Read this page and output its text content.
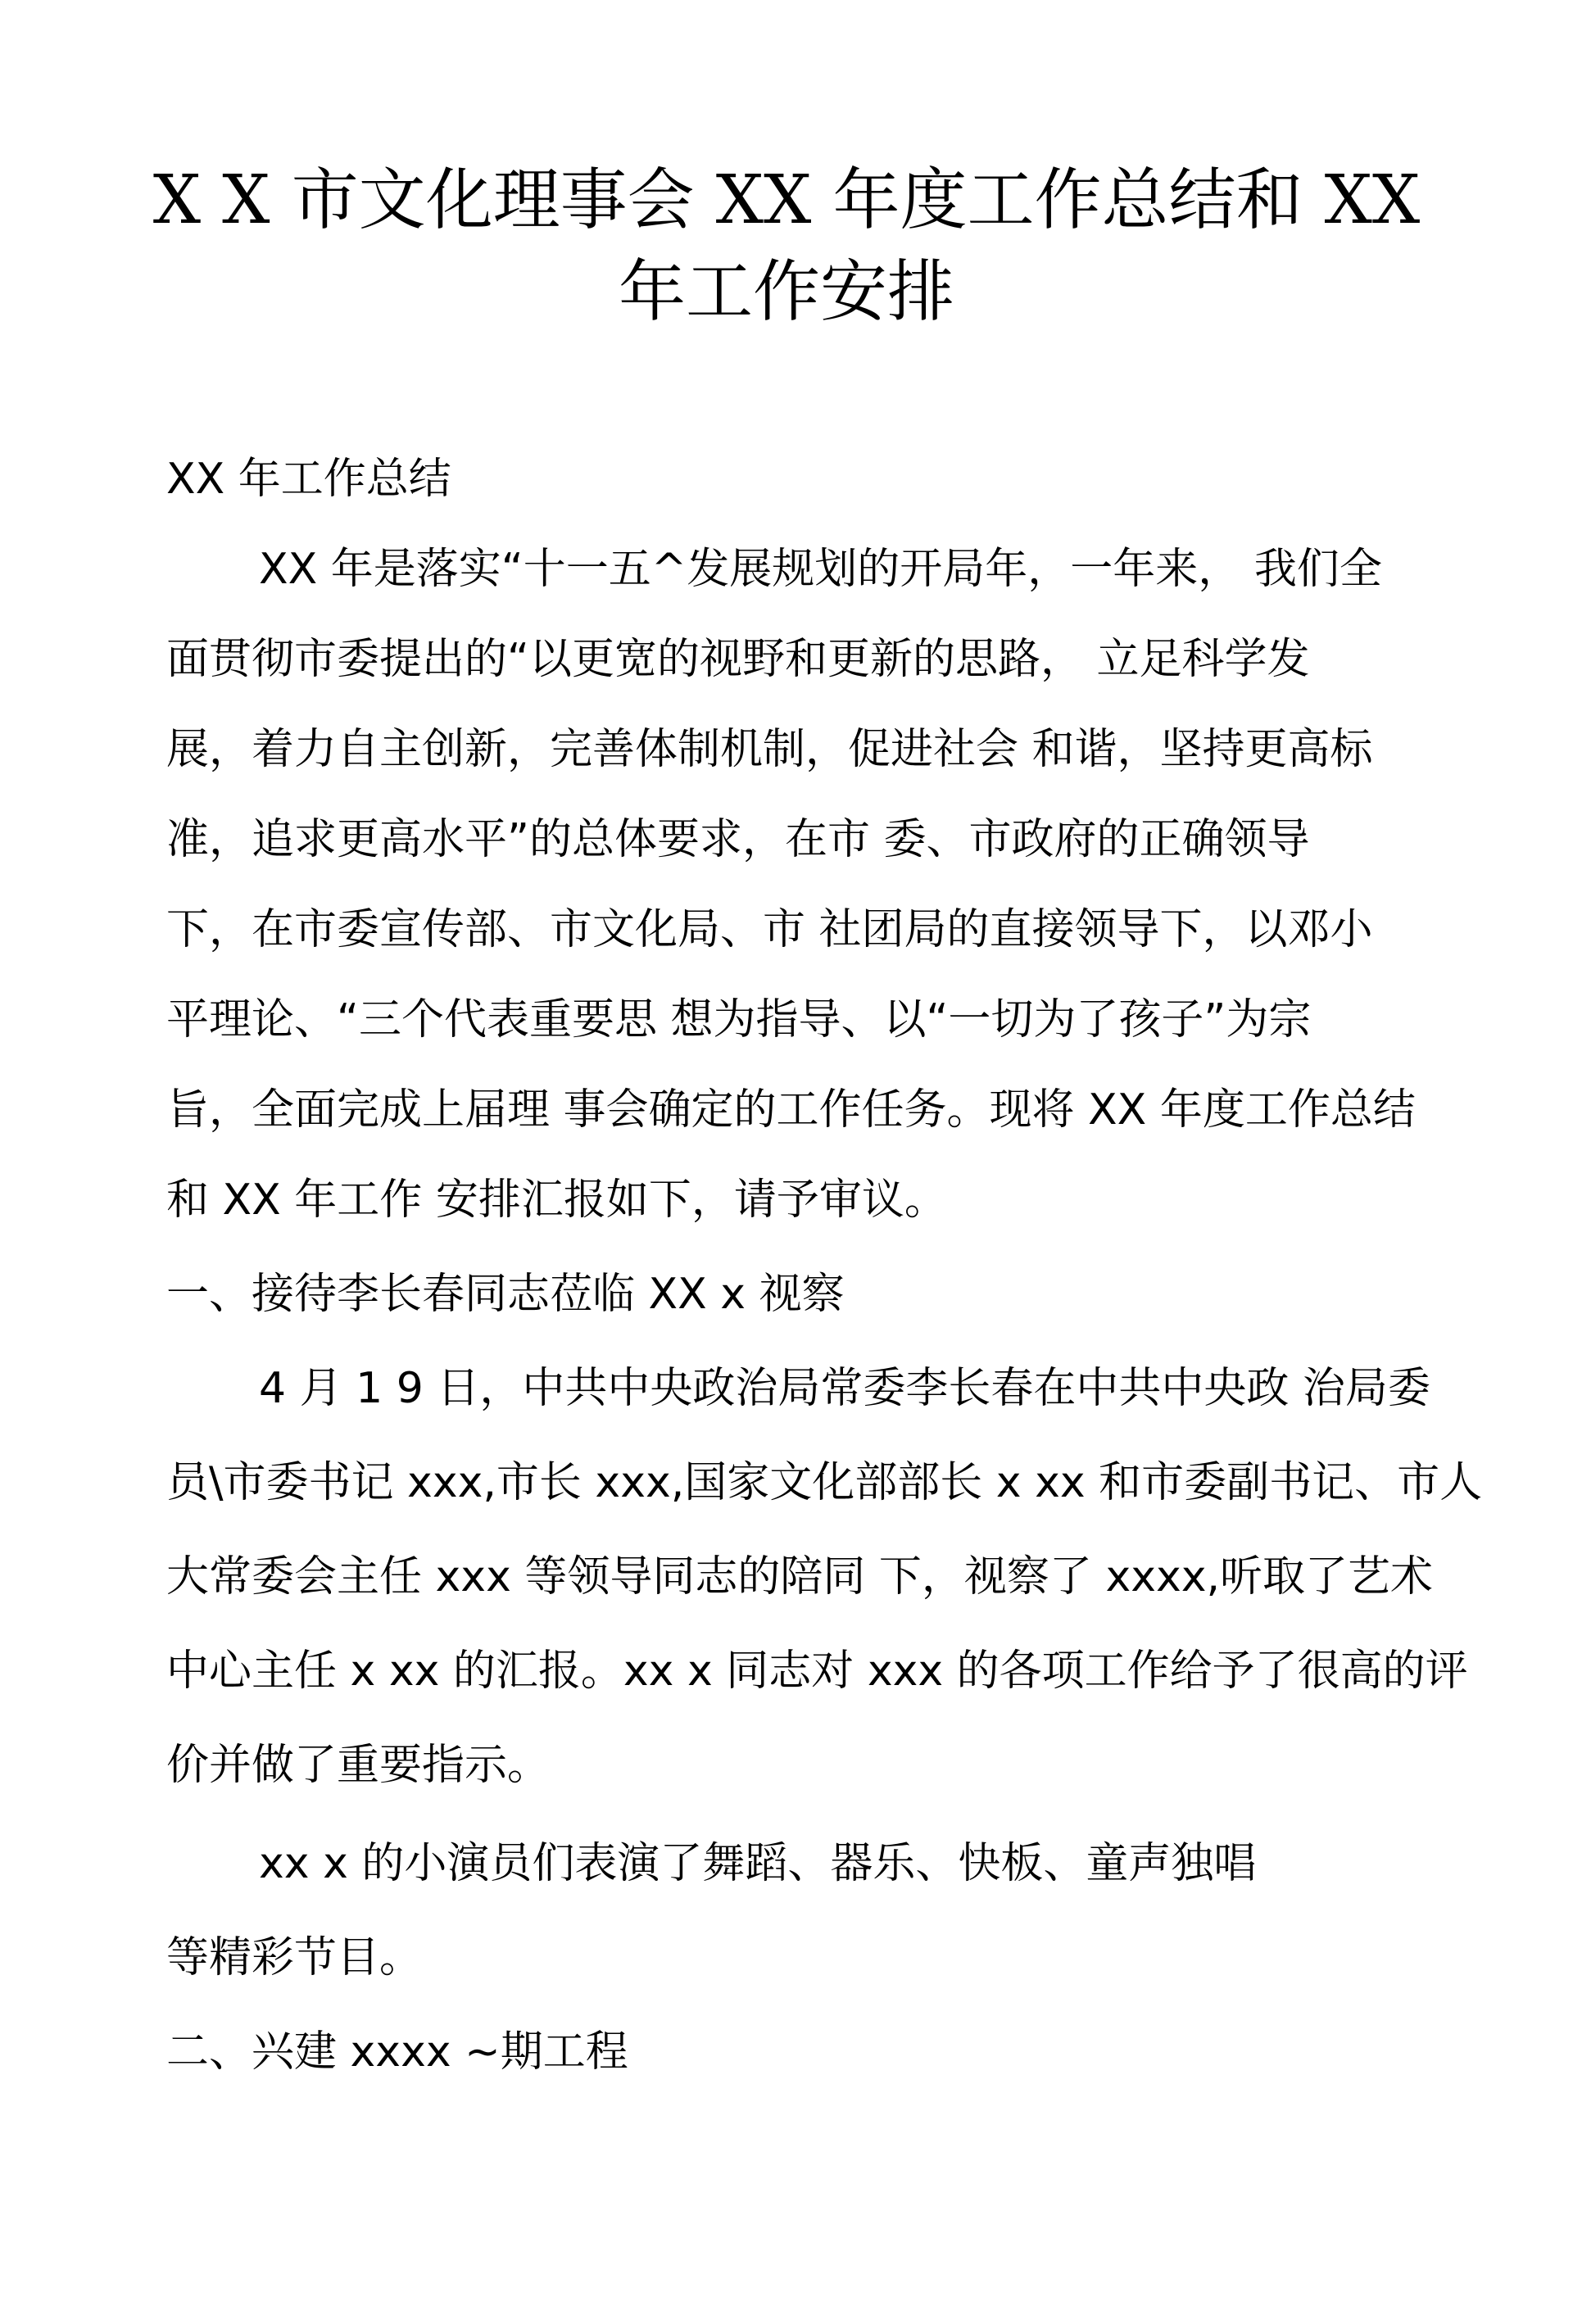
X X 市文化理事会 XX 年度工作总结和 XX
年工作安排
XX 年工作总结
XX 年是落实“十一五^发展规划的开局年，一年来， 我们全
面贯彻市委提出的“以更宽的视野和更新的思路， 立足科学发
展，着力自主创新，完善体制机制，促进社会 和谐，坚持更高标
准，追求更高水平”的总体要求，在市 委、市政府的正确领导
下，在市委宣传部、市文化局、市 社团局的直接领导下，以邓小
平理论、“三个代表重要思 想为指导、以“一切为了孩子”为宗
旨，全面完成上届理 事会确定的工作任务。现将 XX 年度工作总结
和 XX 年工作 安排汇报如下，请予审议。
一、接待李长春同志莅临 XX x 视察
4 月 1 9 日，中共中央政治局常委李长春在中共中央政 治局委
员\市委书记 xxx,市长 xxx,国家文化部部长 x xx 和市委副书记、市人
大常委会主任 xxx 等领导同志的陪同 下，视察了 xxxx,听取了艺术
中心主任 x xx 的汇报。xx x 同志对 xxx 的各项工作给予了很高的评
价并做了重要指示。
xx x 的小演员们表演了舞蹈、器乐、快板、童声独唱
等精彩节目。
二、兴建 xxxx ~期工程
